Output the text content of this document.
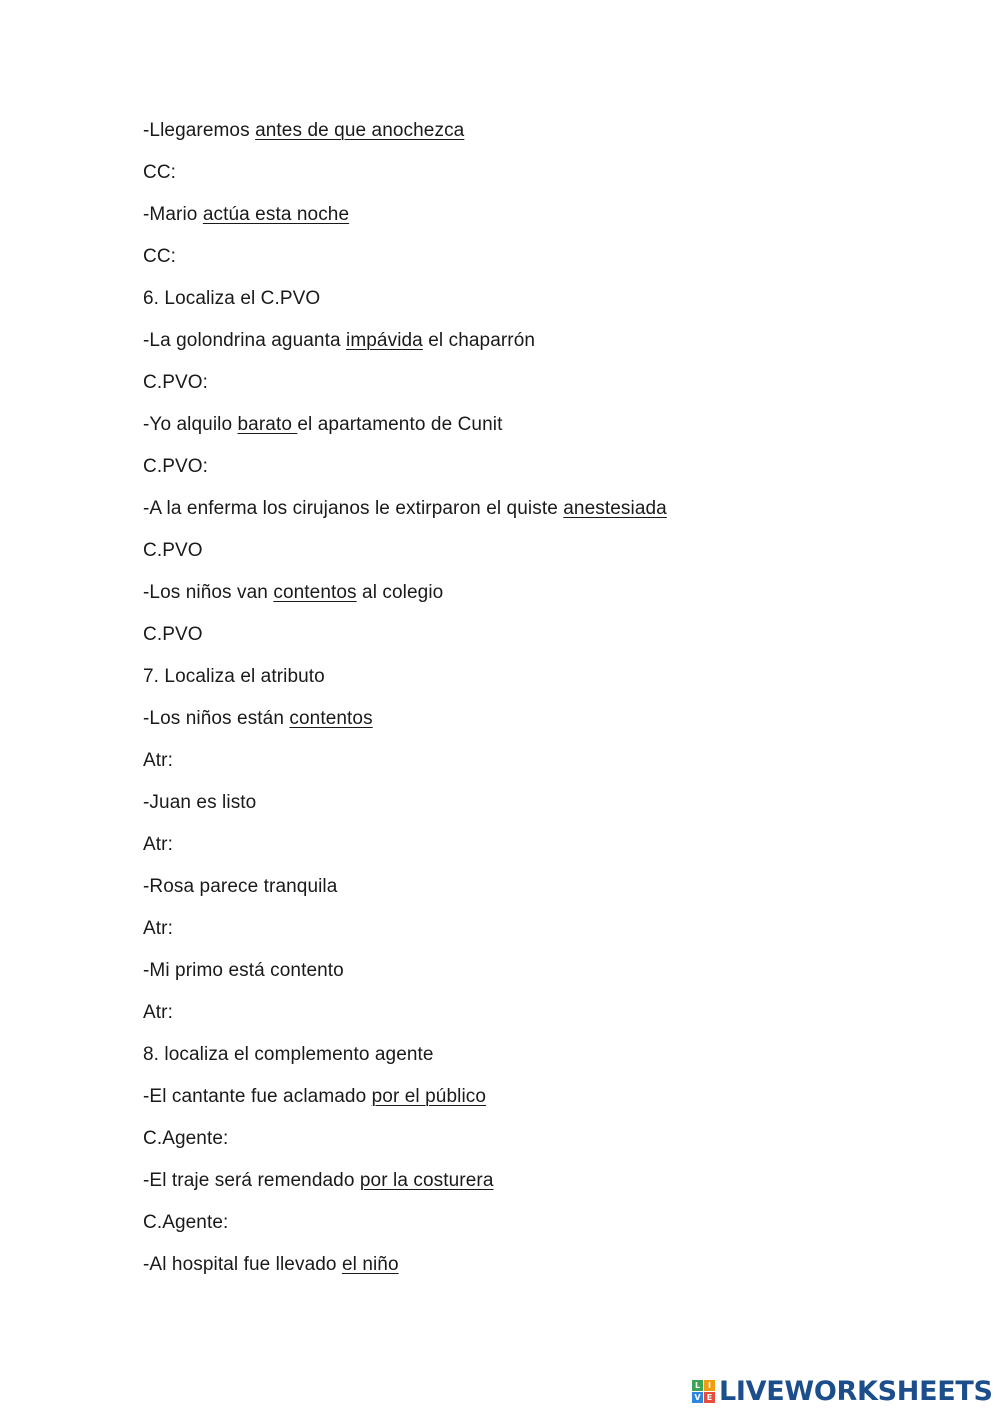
-Llegaremos antes de que anochezca
CC:
-Mario actúa esta noche
CC:
6. Localiza el C.PVO
-La golondrina aguanta impávida el chaparrón
C.PVO:
-Yo alquilo barato el apartamento de Cunit
C.PVO:
-A la enferma los cirujanos le extirparon el quiste anestesiada
C.PVO
-Los niños van contentos al colegio
C.PVO
7. Localiza el atributo
-Los niños están contentos
Atr:
-Juan es listo
Atr:
-Rosa parece tranquila
Atr:
-Mi primo está contento
Atr:
8. localiza el complemento agente
-El cantante fue aclamado por el público
C.Agente:
-El traje será remendado por la costurera
C.Agente:
-Al hospital fue llevado el niño
L I
V E LIVEWORKSHEETS
